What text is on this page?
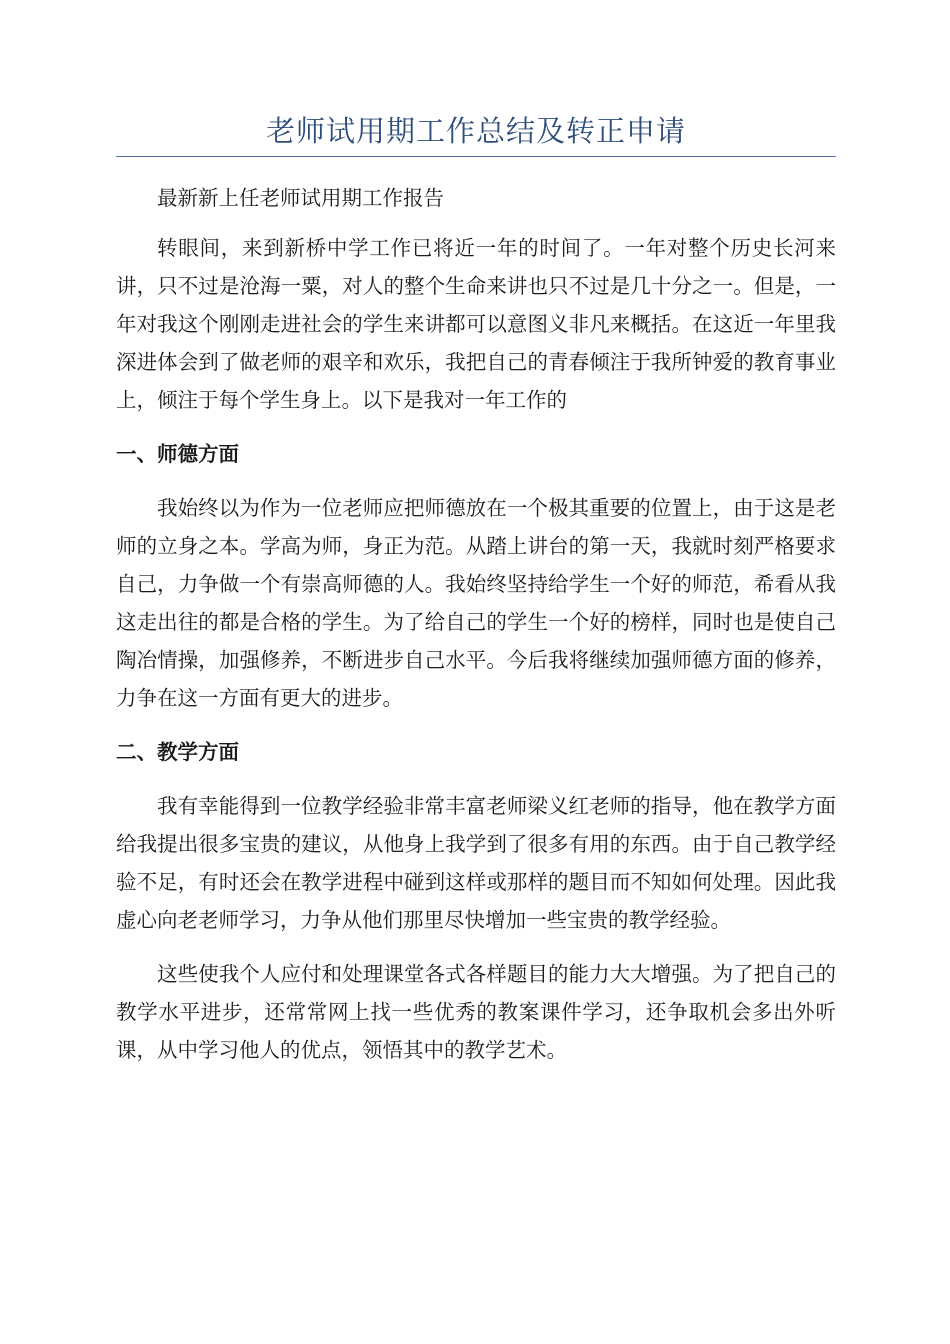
老师试用期工作总结及转正申请

最新新上任老师试用期工作报告

转眼间，来到新桥中学工作已将近一年的时间了。一年对整个历史长河来讲，只不过是沧海一粟，对人的整个生命来讲也只不过是几十分之一。但是，一年对我这个刚刚走进社会的学生来讲都可以意图义非凡来概括。在这近一年里我深进体会到了做老师的艰辛和欢乐，我把自己的青春倾注于我所钟爱的教育事业上，倾注于每个学生身上。以下是我对一年工作的

一、师德方面

我始终以为作为一位老师应把师德放在一个极其重要的位置上，由于这是老师的立身之本。学高为师，身正为范。从踏上讲台的第一天，我就时刻严格要求自己，力争做一个有崇高师德的人。我始终坚持给学生一个好的师范，希看从我这走出往的都是合格的学生。为了给自己的学生一个好的榜样，同时也是使自己陶冶情操，加强修养，不断进步自己水平。今后我将继续加强师德方面的修养，力争在这一方面有更大的进步。

二、教学方面

我有幸能得到一位教学经验非常丰富老师梁义红老师的指导，他在教学方面给我提出很多宝贵的建议，从他身上我学到了很多有用的东西。由于自己教学经验不足，有时还会在教学进程中碰到这样或那样的题目而不知如何处理。因此我虚心向老老师学习，力争从他们那里尽快增加一些宝贵的教学经验。

这些使我个人应付和处理课堂各式各样题目的能力大大增强。为了把自己的教学水平进步，还常常网上找一些优秀的教案课件学习，还争取机会多出外听课，从中学习他人的优点，领悟其中的教学艺术。
